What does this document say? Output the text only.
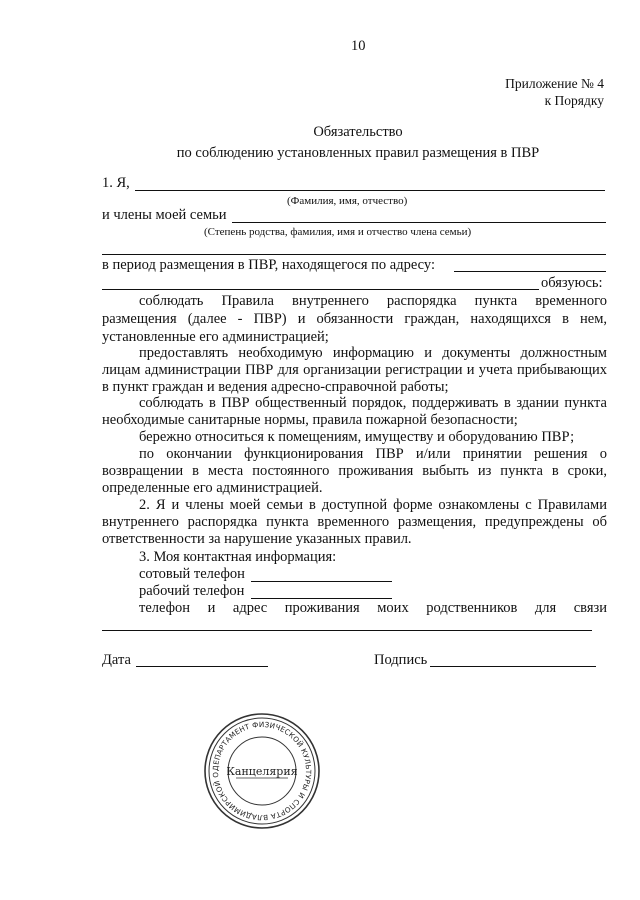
10
Приложение № 4
к Порядку
Обязательство
по соблюдению установленных правил размещения в ПВР
1. Я,
(Фамилия, имя, отчество)
и члены моей семьи
(Степень родства, фамилия, имя и отчество члена семьи)
в период размещения в ПВР, находящегося по адресу:
обязуюсь:
соблюдать Правила внутреннего распорядка пункта временного
размещения (далее - ПВР) и обязанности граждан, находящихся в нем,
установленные его администрацией;
предоставлять необходимую информацию и документы должностным
лицам администрации ПВР для организации регистрации и учета прибывающих
в пункт граждан и ведения адресно-справочной работы;
соблюдать в ПВР общественный порядок, поддерживать в здании пункта
необходимые санитарные нормы, правила пожарной безопасности;
бережно относиться к помещениям, имуществу и оборудованию ПВР;
по окончании функционирования ПВР и/или принятии решения о
возвращении в места постоянного проживания выбыть из пункта в сроки,
определенные его администрацией.
2. Я и члены моей семьи в доступной форме ознакомлены с Правилами
внутреннего распорядка пункта временного размещения, предупреждены об
ответственности за нарушение указанных правил.
3. Моя контактная информация:
сотовый телефон
рабочий телефон
телефон и адрес проживания моих родственников для связи
Дата	Подпись
ДЕПАРТАМЕНТ ФИЗИЧЕСКОЙ КУЛЬТУРЫ И СПОРТА ВЛАДИМИРСКОЙ О Канцелярия
